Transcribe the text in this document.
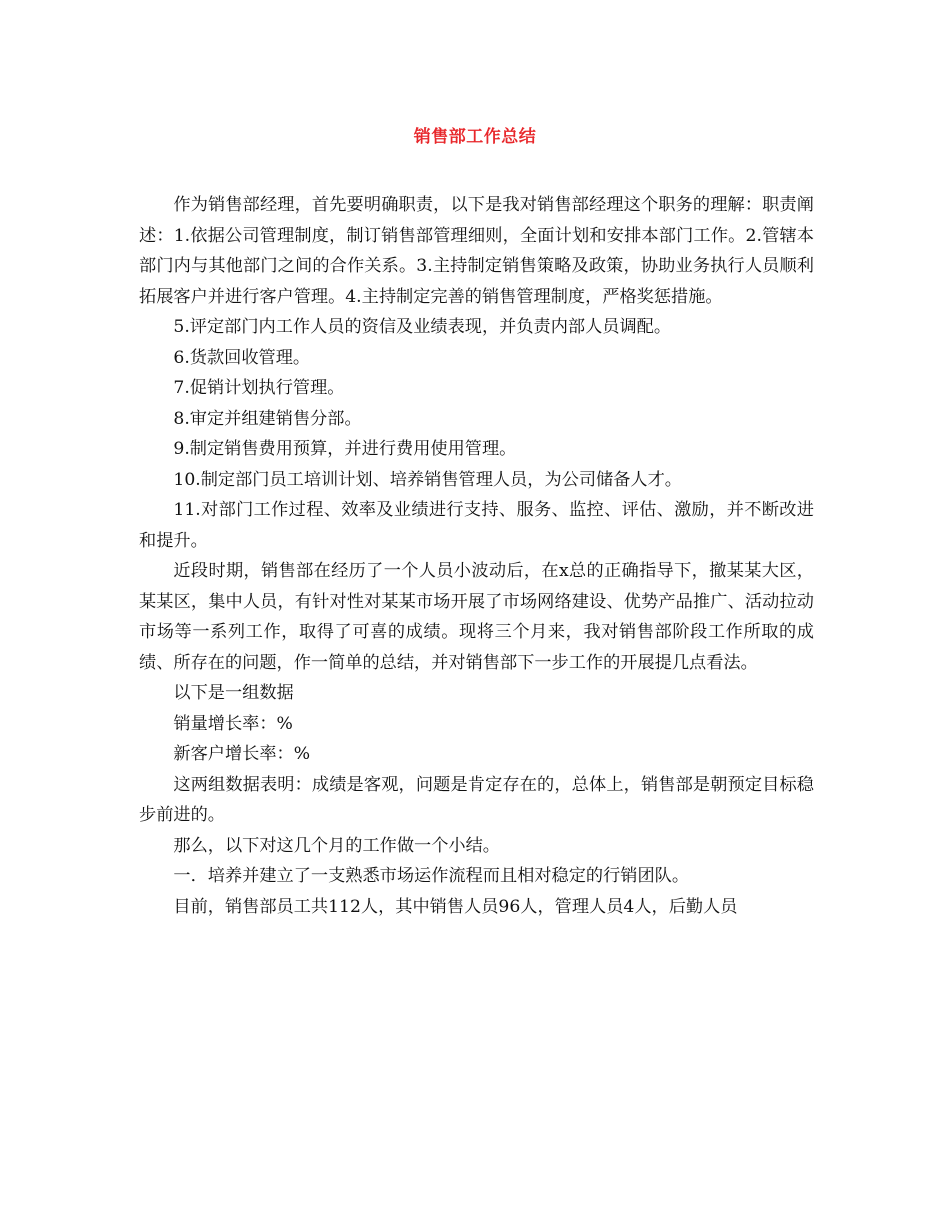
销售部工作总结

作为销售部经理，首先要明确职责，以下是我对销售部经理这个职务的理解：职责阐述：1.依据公司管理制度，制订销售部管理细则，全面计划和安排本部门工作。2.管辖本部门内与其他部门之间的合作关系。3.主持制定销售策略及政策，协助业务执行人员顺利拓展客户并进行客户管理。4.主持制定完善的销售管理制度，严格奖惩措施。

5.评定部门内工作人员的资信及业绩表现，并负责内部人员调配。

6.货款回收管理。

7.促销计划执行管理。

8.审定并组建销售分部。

9.制定销售费用预算，并进行费用使用管理。

10.制定部门员工培训计划、培养销售管理人员，为公司储备人才。

11.对部门工作过程、效率及业绩进行支持、服务、监控、评估、激励，并不断改进和提升。

近段时期，销售部在经历了一个人员小波动后，在x总的正确指导下，撤某某大区，某某区，集中人员，有针对性对某某市场开展了市场网络建设、优势产品推广、活动拉动市场等一系列工作，取得了可喜的成绩。现将三个月来，我对销售部阶段工作所取的成绩、所存在的问题，作一简单的总结，并对销售部下一步工作的开展提几点看法。

以下是一组数据

销量增长率：%

新客户增长率：%

这两组数据表明：成绩是客观，问题是肯定存在的，总体上，销售部是朝预定目标稳步前进的。

那么，以下对这几个月的工作做一个小结。

一．培养并建立了一支熟悉市场运作流程而且相对稳定的行销团队。

目前，销售部员工共112人，其中销售人员96人，管理人员4人，后勤人员
